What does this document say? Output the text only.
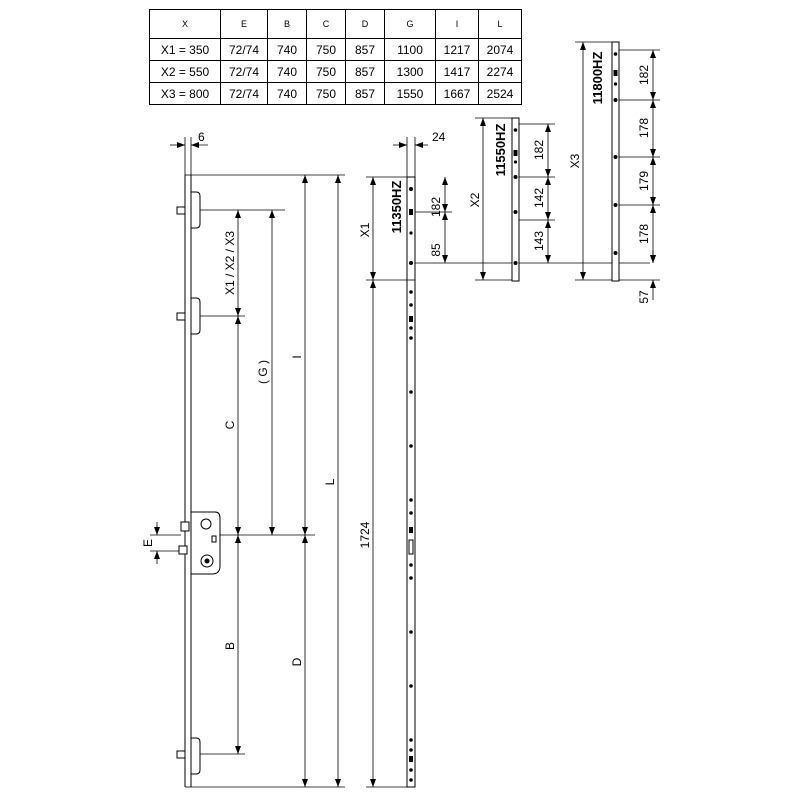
X	E	B	C	D	G	I	L
X1 = 350	72/74	740	750	857	1100	1217	2074
X2 = 550	72/74	740	750	857	1300	1417	2274
X3 = 800	72/74	740	750	857	1550	1667	2524
6
X1 / X2 / X3
C
( G )
I
L
B
D
E
24
11350HZ
X1
1724
182
85
11550HZ
X2
182
142
143
11800HZ
X3
182
178
179
178
57
